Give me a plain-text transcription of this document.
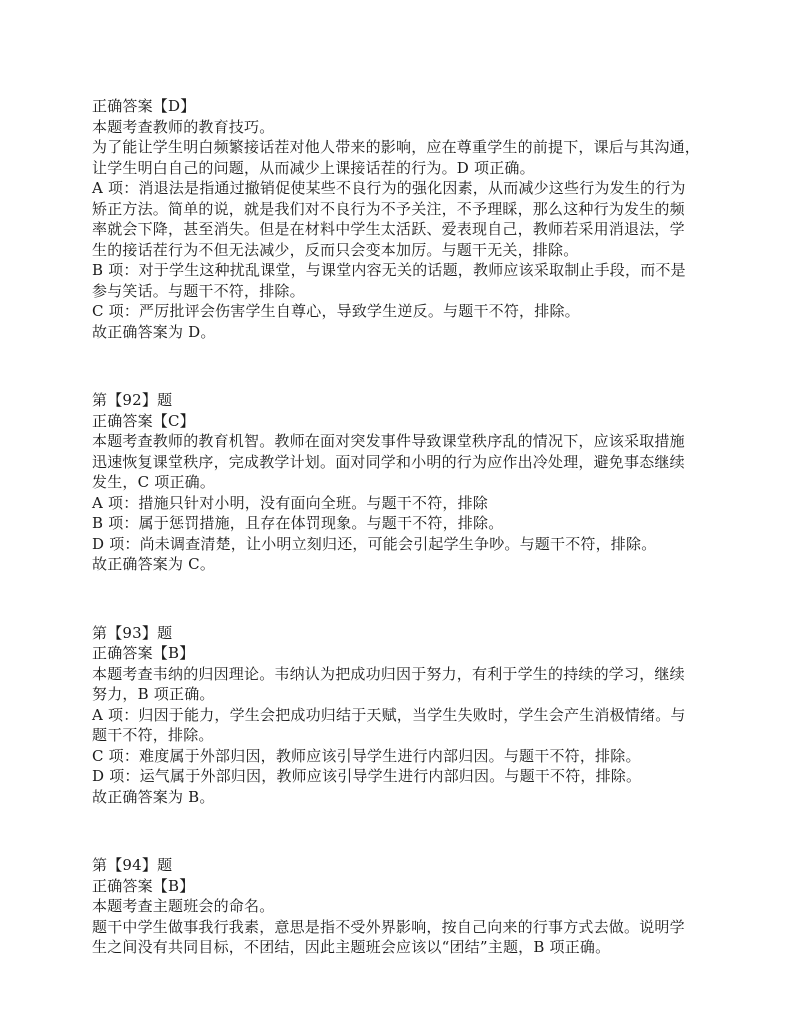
正确答案【D】

本题考查教师的教育技巧。

为了能让学生明白频繁接话茬对他人带来的影响，应在尊重学生的前提下，课后与其沟通，

让学生明白自己的问题，从而减少上课接话茬的行为。D 项正确。

A 项：消退法是指通过撤销促使某些不良行为的强化因素，从而减少这些行为发生的行为

矫正方法。简单的说，就是我们对不良行为不予关注，不予理睬，那么这种行为发生的频

率就会下降，甚至消失。但是在材料中学生太活跃、爱表现自己，教师若采用消退法，学

生的接话茬行为不但无法减少，反而只会变本加厉。与题干无关，排除。

B 项：对于学生这种扰乱课堂，与课堂内容无关的话题，教师应该采取制止手段，而不是

参与笑话。与题干不符，排除。

C 项：严厉批评会伤害学生自尊心，导致学生逆反。与题干不符，排除。

故正确答案为 D。

第【92】题

正确答案【C】

本题考查教师的教育机智。教师在面对突发事件导致课堂秩序乱的情况下，应该采取措施

迅速恢复课堂秩序，完成教学计划。面对同学和小明的行为应作出冷处理，避免事态继续

发生，C 项正确。

A 项：措施只针对小明，没有面向全班。与题干不符，排除

B 项：属于惩罚措施，且存在体罚现象。与题干不符，排除。

D 项：尚未调查清楚，让小明立刻归还，可能会引起学生争吵。与题干不符，排除。

故正确答案为 C。

第【93】题

正确答案【B】

本题考查韦纳的归因理论。韦纳认为把成功归因于努力，有利于学生的持续的学习，继续

努力，B 项正确。

A 项：归因于能力，学生会把成功归结于天赋，当学生失败时，学生会产生消极情绪。与

题干不符，排除。

C 项：难度属于外部归因，教师应该引导学生进行内部归因。与题干不符，排除。

D 项：运气属于外部归因，教师应该引导学生进行内部归因。与题干不符，排除。

故正确答案为 B。

第【94】题

正确答案【B】

本题考查主题班会的命名。

题干中学生做事我行我素，意思是指不受外界影响，按自己向来的行事方式去做。说明学

生之间没有共同目标，不团结，因此主题班会应该以“团结”主题，B 项正确。
